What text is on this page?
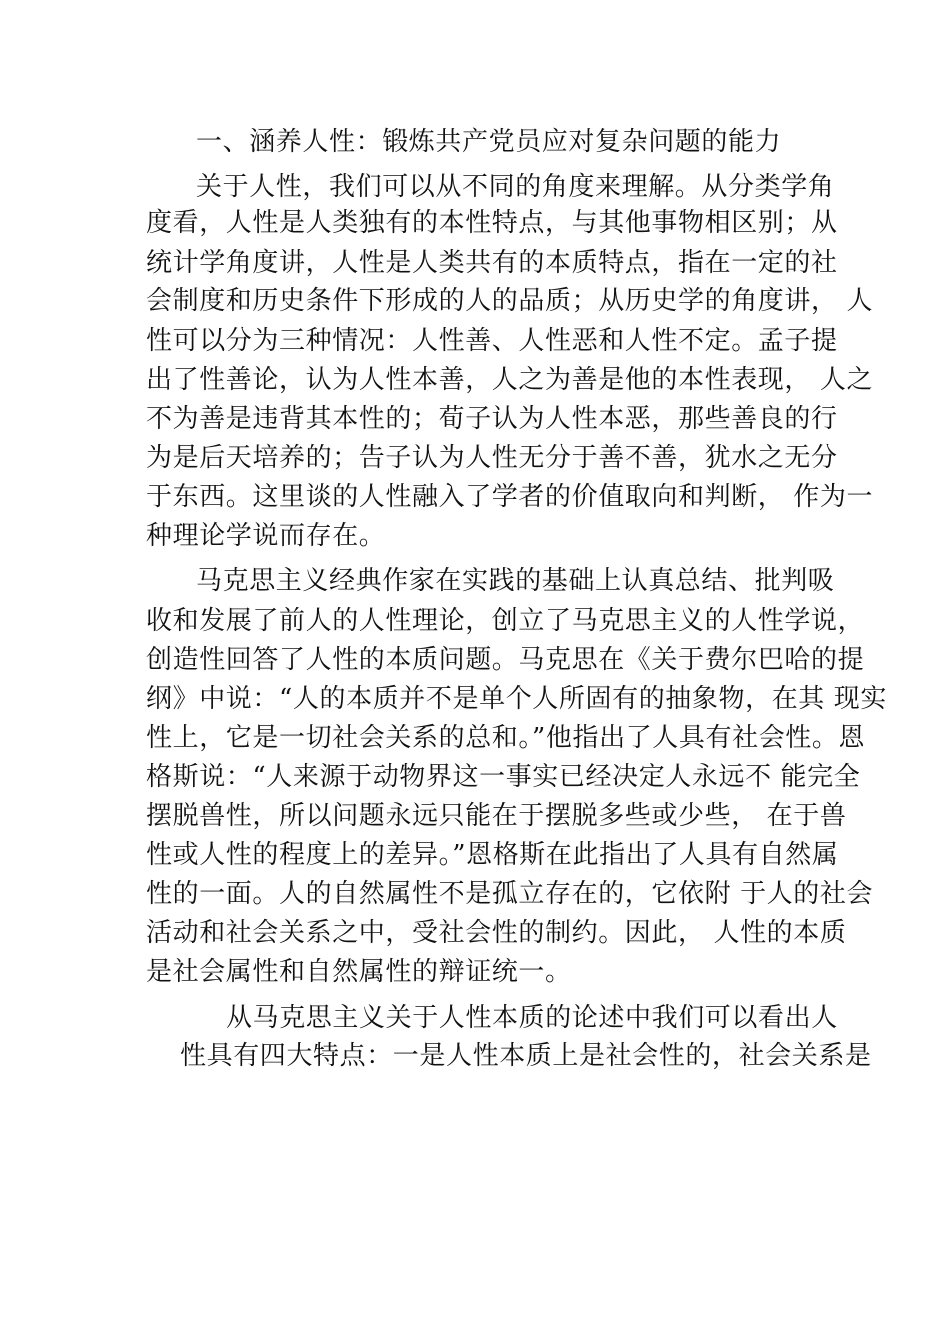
一、涵养人性：锻炼共产党员应对复杂问题的能力
关于人性，我们可以从不同的角度来理解。从分类学角
度看，人性是人类独有的本性特点，与其他事物相区别；从
统计学角度讲，人性是人类共有的本质特点，指在一定的社
会制度和历史条件下形成的人的品质；从历史学的角度讲， 人
性可以分为三种情况：人性善、人性恶和人性不定。孟子提
出了性善论，认为人性本善，人之为善是他的本性表现， 人之
不为善是违背其本性的；荀子认为人性本恶，那些善良的行
为是后天培养的；告子认为人性无分于善不善，犹水之无分
于东西。这里谈的人性融入了学者的价值取向和判断， 作为一
种理论学说而存在。
马克思主义经典作家在实践的基础上认真总结、批判吸
收和发展了前人的人性理论，创立了马克思主义的人性学说，
创造性回答了人性的本质问题。马克思在《关于费尔巴哈的提
纲》中说：“人的本质并不是单个人所固有的抽象物，在其 现实
性上，它是一切社会关系的总和。”他指出了人具有社会性。恩
格斯说：“人来源于动物界这一事实已经决定人永远不 能完全
摆脱兽性，所以问题永远只能在于摆脱多些或少些， 在于兽
性或人性的程度上的差异。”恩格斯在此指出了人具有自然属
性的一面。人的自然属性不是孤立存在的，它依附 于人的社会
活动和社会关系之中，受社会性的制约。因此， 人性的本质
是社会属性和自然属性的辩证统一。
从马克思主义关于人性本质的论述中我们可以看出人
性具有四大特点：一是人性本质上是社会性的，社会关系是
